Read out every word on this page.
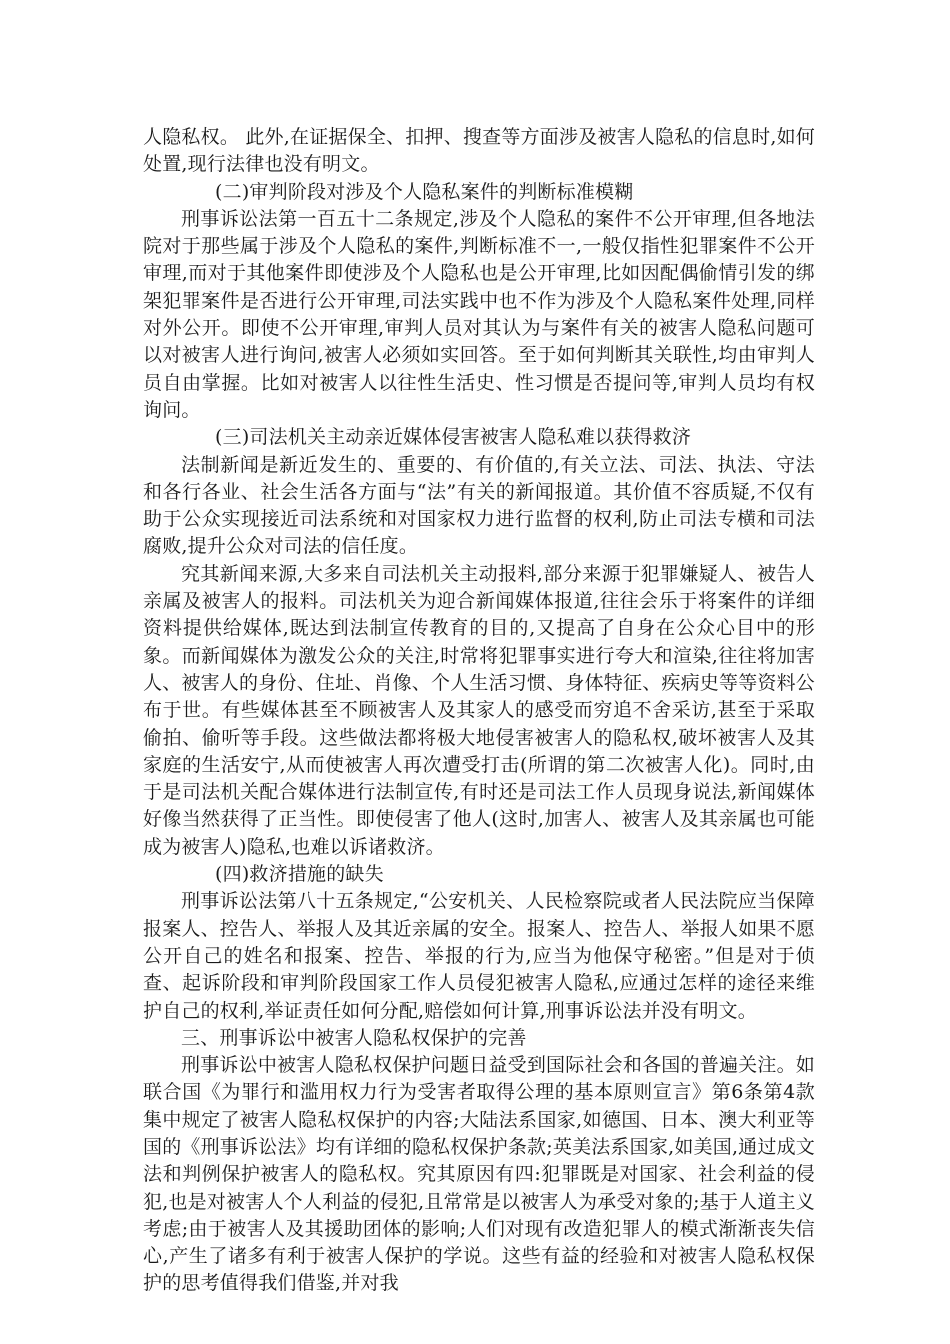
人隐私权。 此外,在证据保全、扣押、搜查等方面涉及被害人隐私的信息时,如何处置,现行法律也没有明文。

(二)审判阶段对涉及个人隐私案件的判断标准模糊

刑事诉讼法第一百五十二条规定,涉及个人隐私的案件不公开审理,但各地法院对于那些属于涉及个人隐私的案件,判断标准不一,一般仅指性犯罪案件不公开审理,而对于其他案件即使涉及个人隐私也是公开审理,比如因配偶偷情引发的绑架犯罪案件是否进行公开审理,司法实践中也不作为涉及个人隐私案件处理,同样对外公开。即使不公开审理,审判人员对其认为与案件有关的被害人隐私问题可以对被害人进行询问,被害人必须如实回答。至于如何判断其关联性,均由审判人员自由掌握。比如对被害人以往性生活史、性习惯是否提问等,审判人员均有权询问。

(三)司法机关主动亲近媒体侵害被害人隐私难以获得救济

法制新闻是新近发生的、重要的、有价值的,有关立法、司法、执法、守法和各行各业、社会生活各方面与“法”有关的新闻报道。其价值不容质疑,不仅有助于公众实现接近司法系统和对国家权力进行监督的权利,防止司法专横和司法腐败,提升公众对司法的信任度。

究其新闻来源,大多来自司法机关主动报料,部分来源于犯罪嫌疑人、被告人亲属及被害人的报料。司法机关为迎合新闻媒体报道,往往会乐于将案件的详细资料提供给媒体,既达到法制宣传教育的目的,又提高了自身在公众心目中的形象。而新闻媒体为激发公众的关注,时常将犯罪事实进行夸大和渲染,往往将加害人、被害人的身份、住址、肖像、个人生活习惯、身体特征、疾病史等等资料公布于世。有些媒体甚至不顾被害人及其家人的感受而穷追不舍采访,甚至于采取偷拍、偷听等手段。这些做法都将极大地侵害被害人的隐私权,破坏被害人及其家庭的生活安宁,从而使被害人再次遭受打击(所谓的第二次被害人化)。同时,由于是司法机关配合媒体进行法制宣传,有时还是司法工作人员现身说法,新闻媒体好像当然获得了正当性。即使侵害了他人(这时,加害人、被害人及其亲属也可能成为被害人)隐私,也难以诉诸救济。

(四)救济措施的缺失

刑事诉讼法第八十五条规定,“公安机关、人民检察院或者人民法院应当保障报案人、控告人、举报人及其近亲属的安全。报案人、控告人、举报人如果不愿公开自己的姓名和报案、控告、举报的行为,应当为他保守秘密。”但是对于侦查、起诉阶段和审判阶段国家工作人员侵犯被害人隐私,应通过怎样的途径来维护自己的权利,举证责任如何分配,赔偿如何计算,刑事诉讼法并没有明文。

三、刑事诉讼中被害人隐私权保护的完善

刑事诉讼中被害人隐私权保护问题日益受到国际社会和各国的普遍关注。如联合国《为罪行和滥用权力行为受害者取得公理的基本原则宣言》第6条第4款集中规定了被害人隐私权保护的内容;大陆法系国家,如德国、日本、澳大利亚等国的《刑事诉讼法》均有详细的隐私权保护条款;英美法系国家,如美国,通过成文法和判例保护被害人的隐私权。究其原因有四:犯罪既是对国家、社会利益的侵犯,也是对被害人个人利益的侵犯,且常常是以被害人为承受对象的;基于人道主义考虑;由于被害人及其援助团体的影响;人们对现有改造犯罪人的模式渐渐丧失信心,产生了诸多有利于被害人保护的学说。这些有益的经验和对被害人隐私权保护的思考值得我们借鉴,并对我
